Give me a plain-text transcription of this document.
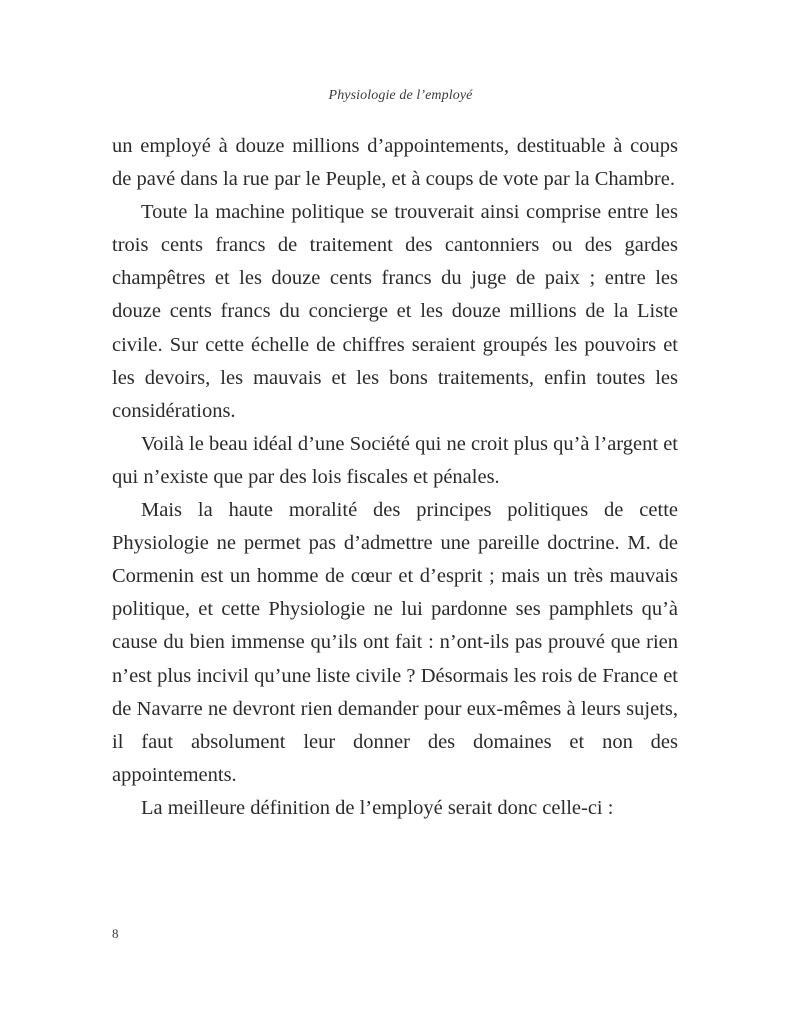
Physiologie de l’employé

un employé à douze millions d’appointements, destituable à coups de pavé dans la rue par le Peuple, et à coups de vote par la Chambre.

Toute la machine politique se trouverait ainsi comprise entre les trois cents francs de traitement des cantonniers ou des gardes champêtres et les douze cents francs du juge de paix ; entre les douze cents francs du concierge et les douze millions de la Liste civile. Sur cette échelle de chiffres seraient groupés les pouvoirs et les devoirs, les mauvais et les bons traitements, enfin toutes les considérations.

Voilà le beau idéal d’une Société qui ne croit plus qu’à l’argent et qui n’existe que par des lois fiscales et pénales.

Mais la haute moralité des principes politiques de cette Physiologie ne permet pas d’admettre une pareille doctrine. M. de Cormenin est un homme de cœur et d’esprit ; mais un très mauvais politique, et cette Physiologie ne lui pardonne ses pamphlets qu’à cause du bien immense qu’ils ont fait : n’ont-ils pas prouvé que rien n’est plus incivil qu’une liste civile ? Désormais les rois de France et de Navarre ne devront rien demander pour eux-mêmes à leurs sujets, il faut absolument leur donner des domaines et non des appointements.

La meilleure définition de l’employé serait donc celle-ci :

8
